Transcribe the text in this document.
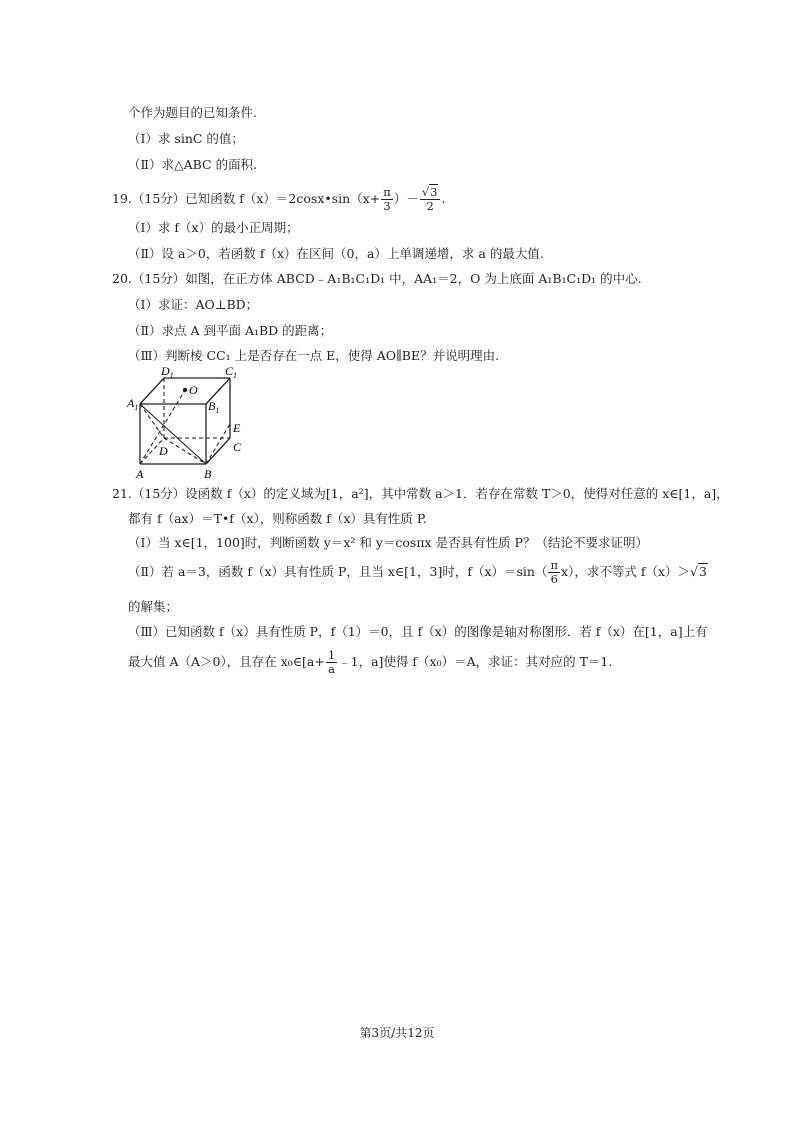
个作为题目的已知条件.
（Ⅰ）求 sinC 的值；
（Ⅱ）求△ABC 的面积.
19.（15分）已知函数 f（x）＝2cosx•sin（x+ $\frac{\pi}{3}$ ）－ $\frac{√3}{2}$ .
（Ⅰ）求 f（x）的最小正周期；
（Ⅱ）设 a＞0，若函数 f（x）在区间（0，a）上单调递增，求 a 的最大值.
20.（15分）如图，在正方体 ABCD﹣A₁B₁C₁D₁ 中，AA₁＝2，O 为上底面 A₁B₁C₁D₁ 的中心.
（Ⅰ）求证：AO⊥BD；
（Ⅱ）求点 A 到平面 A₁BD 的距离；
（Ⅲ）判断棱 CC₁ 上是否存在一点 E，使得 AO∥BE？并说明理由.
$D_1$	$C_1$
O
$A_1$	$B_1$
E
D	C
A	B
21.（15分）设函数 f（x）的定义域为[1，a²]，其中常数 a＞1．若存在常数 T＞0，使得对任意的 x∈[1，a]，
都有 f（ax）＝T•f（x），则称函数 f（x）具有性质 P.
（Ⅰ）当 x∈[1，100]时，判断函数 y＝x² 和 y＝cosπx 是否具有性质 P？（结论不要求证明）
（Ⅱ）若 a＝3，函数 f（x）具有性质 P，且当 x∈[1，3]时，$f(x)=\sin( \frac{\pi}{6} x)$，求不等式 f（x）＞√3
的解集；
（Ⅲ）已知函数 f（x）具有性质 P，f（1）＝0，且 f（x）的图像是轴对称图形．若 f（x）在[1，a]上有
最大值 A（A＞0），且存在 x₀∈[a+ $\frac{1}{a}$ ﹣1，a]使得 f（x₀）＝A，求证：其对应的 T＝1.
第3页/共12页
